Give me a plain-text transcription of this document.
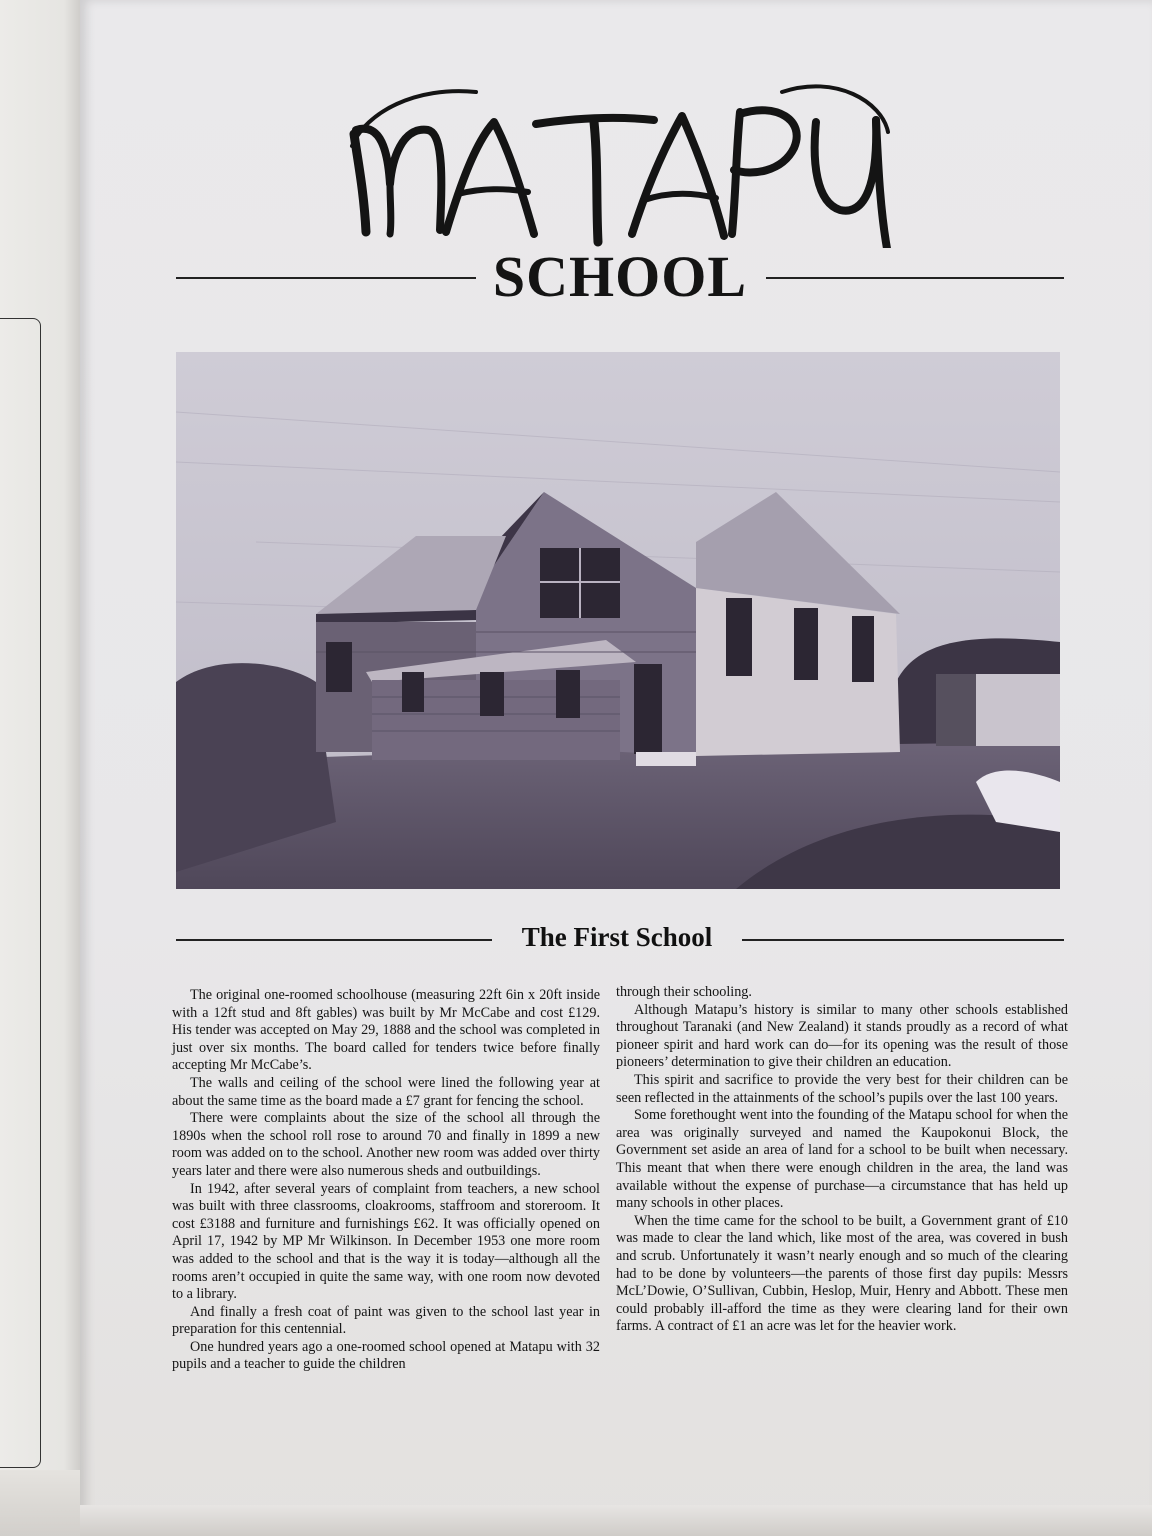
SCHOOL
The First School

The original one-roomed schoolhouse (measuring 22ft 6in x 20ft inside with a 12ft stud and 8ft gables) was built by Mr McCabe and cost £129. His tender was accepted on May 29, 1888 and the school was completed in just over six months. The board called for tenders twice before finally accepting Mr McCabe’s.

The walls and ceiling of the school were lined the following year at about the same time as the board made a £7 grant for fencing the school.

There were complaints about the size of the school all through the 1890s when the school roll rose to around 70 and finally in 1899 a new room was added on to the school. Another new room was added over thirty years later and there were also numerous sheds and outbuildings.

In 1942, after several years of complaint from teachers, a new school was built with three classrooms, cloakrooms, staffroom and storeroom. It cost £3188 and furniture and furnishings £62. It was officially opened on April 17, 1942 by MP Mr Wilkinson. In December 1953 one more room was added to the school and that is the way it is today—although all the rooms aren’t occupied in quite the same way, with one room now devoted to a library.

And finally a fresh coat of paint was given to the school last year in preparation for this centennial.

One hundred years ago a one-roomed school opened at Matapu with 32 pupils and a teacher to guide the children

through their schooling.

Although Matapu’s history is similar to many other schools established throughout Taranaki (and New Zealand) it stands proudly as a record of what pioneer spirit and hard work can do—for its opening was the result of those pioneers’ determination to give their children an education.

This spirit and sacrifice to provide the very best for their children can be seen reflected in the attainments of the school’s pupils over the last 100 years.

Some forethought went into the founding of the Matapu school for when the area was originally surveyed and named the Kaupokonui Block, the Government set aside an area of land for a school to be built when necessary. This meant that when there were enough children in the area, the land was available without the expense of purchase—a circumstance that has held up many schools in other places.

When the time came for the school to be built, a Government grant of £10 was made to clear the land which, like most of the area, was covered in bush and scrub. Unfortunately it wasn’t nearly enough and so much of the clearing had to be done by volunteers—the parents of those first day pupils: Messrs McL’Dowie, O’Sullivan, Cubbin, Heslop, Muir, Henry and Abbott. These men could probably ill-afford the time as they were clearing land for their own farms. A contract of £1 an acre was let for the heavier work.
